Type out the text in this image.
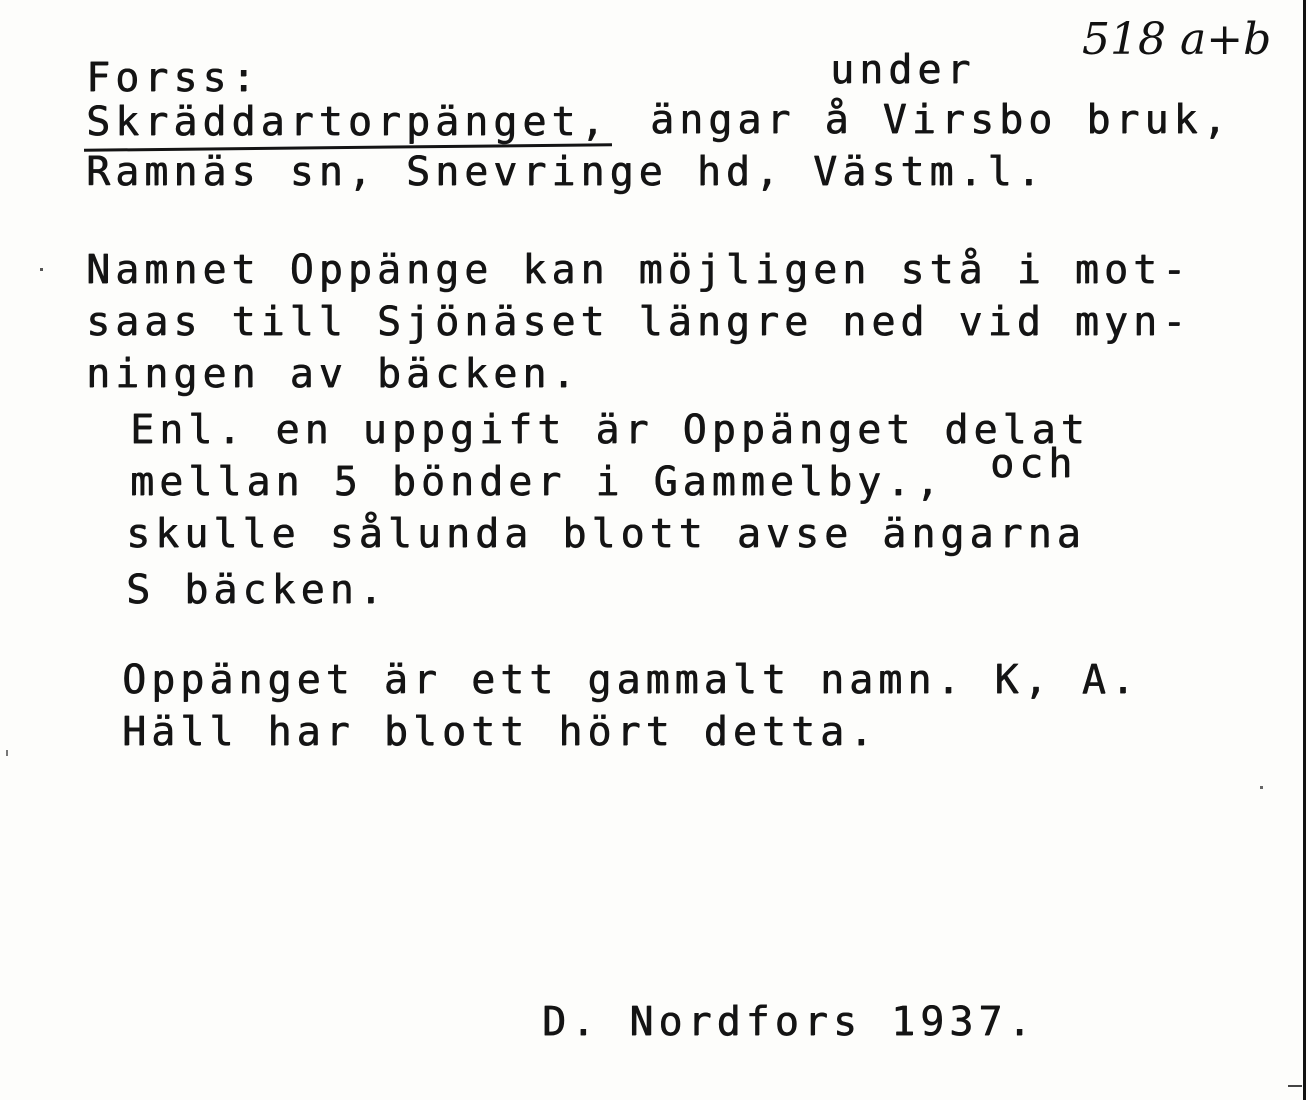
518 a+b
Forss:	under
Skräddartorpänget, ängar å Virsbo bruk,
Ramnäs sn, Snevringe hd, Västm.l.
Namnet Oppänge kan möjligen stå i mot-
saas till Sjönäset längre ned vid myn-
ningen av bäcken.
Enl. en uppgift är Oppänget delat
mellan 5 bönder i Gammelby., och
skulle sålunda blott avse ängarna
S bäcken.
Oppänget är ett gammalt namn. K, A.
Häll har blott hört detta.
D. Nordfors 1937.
